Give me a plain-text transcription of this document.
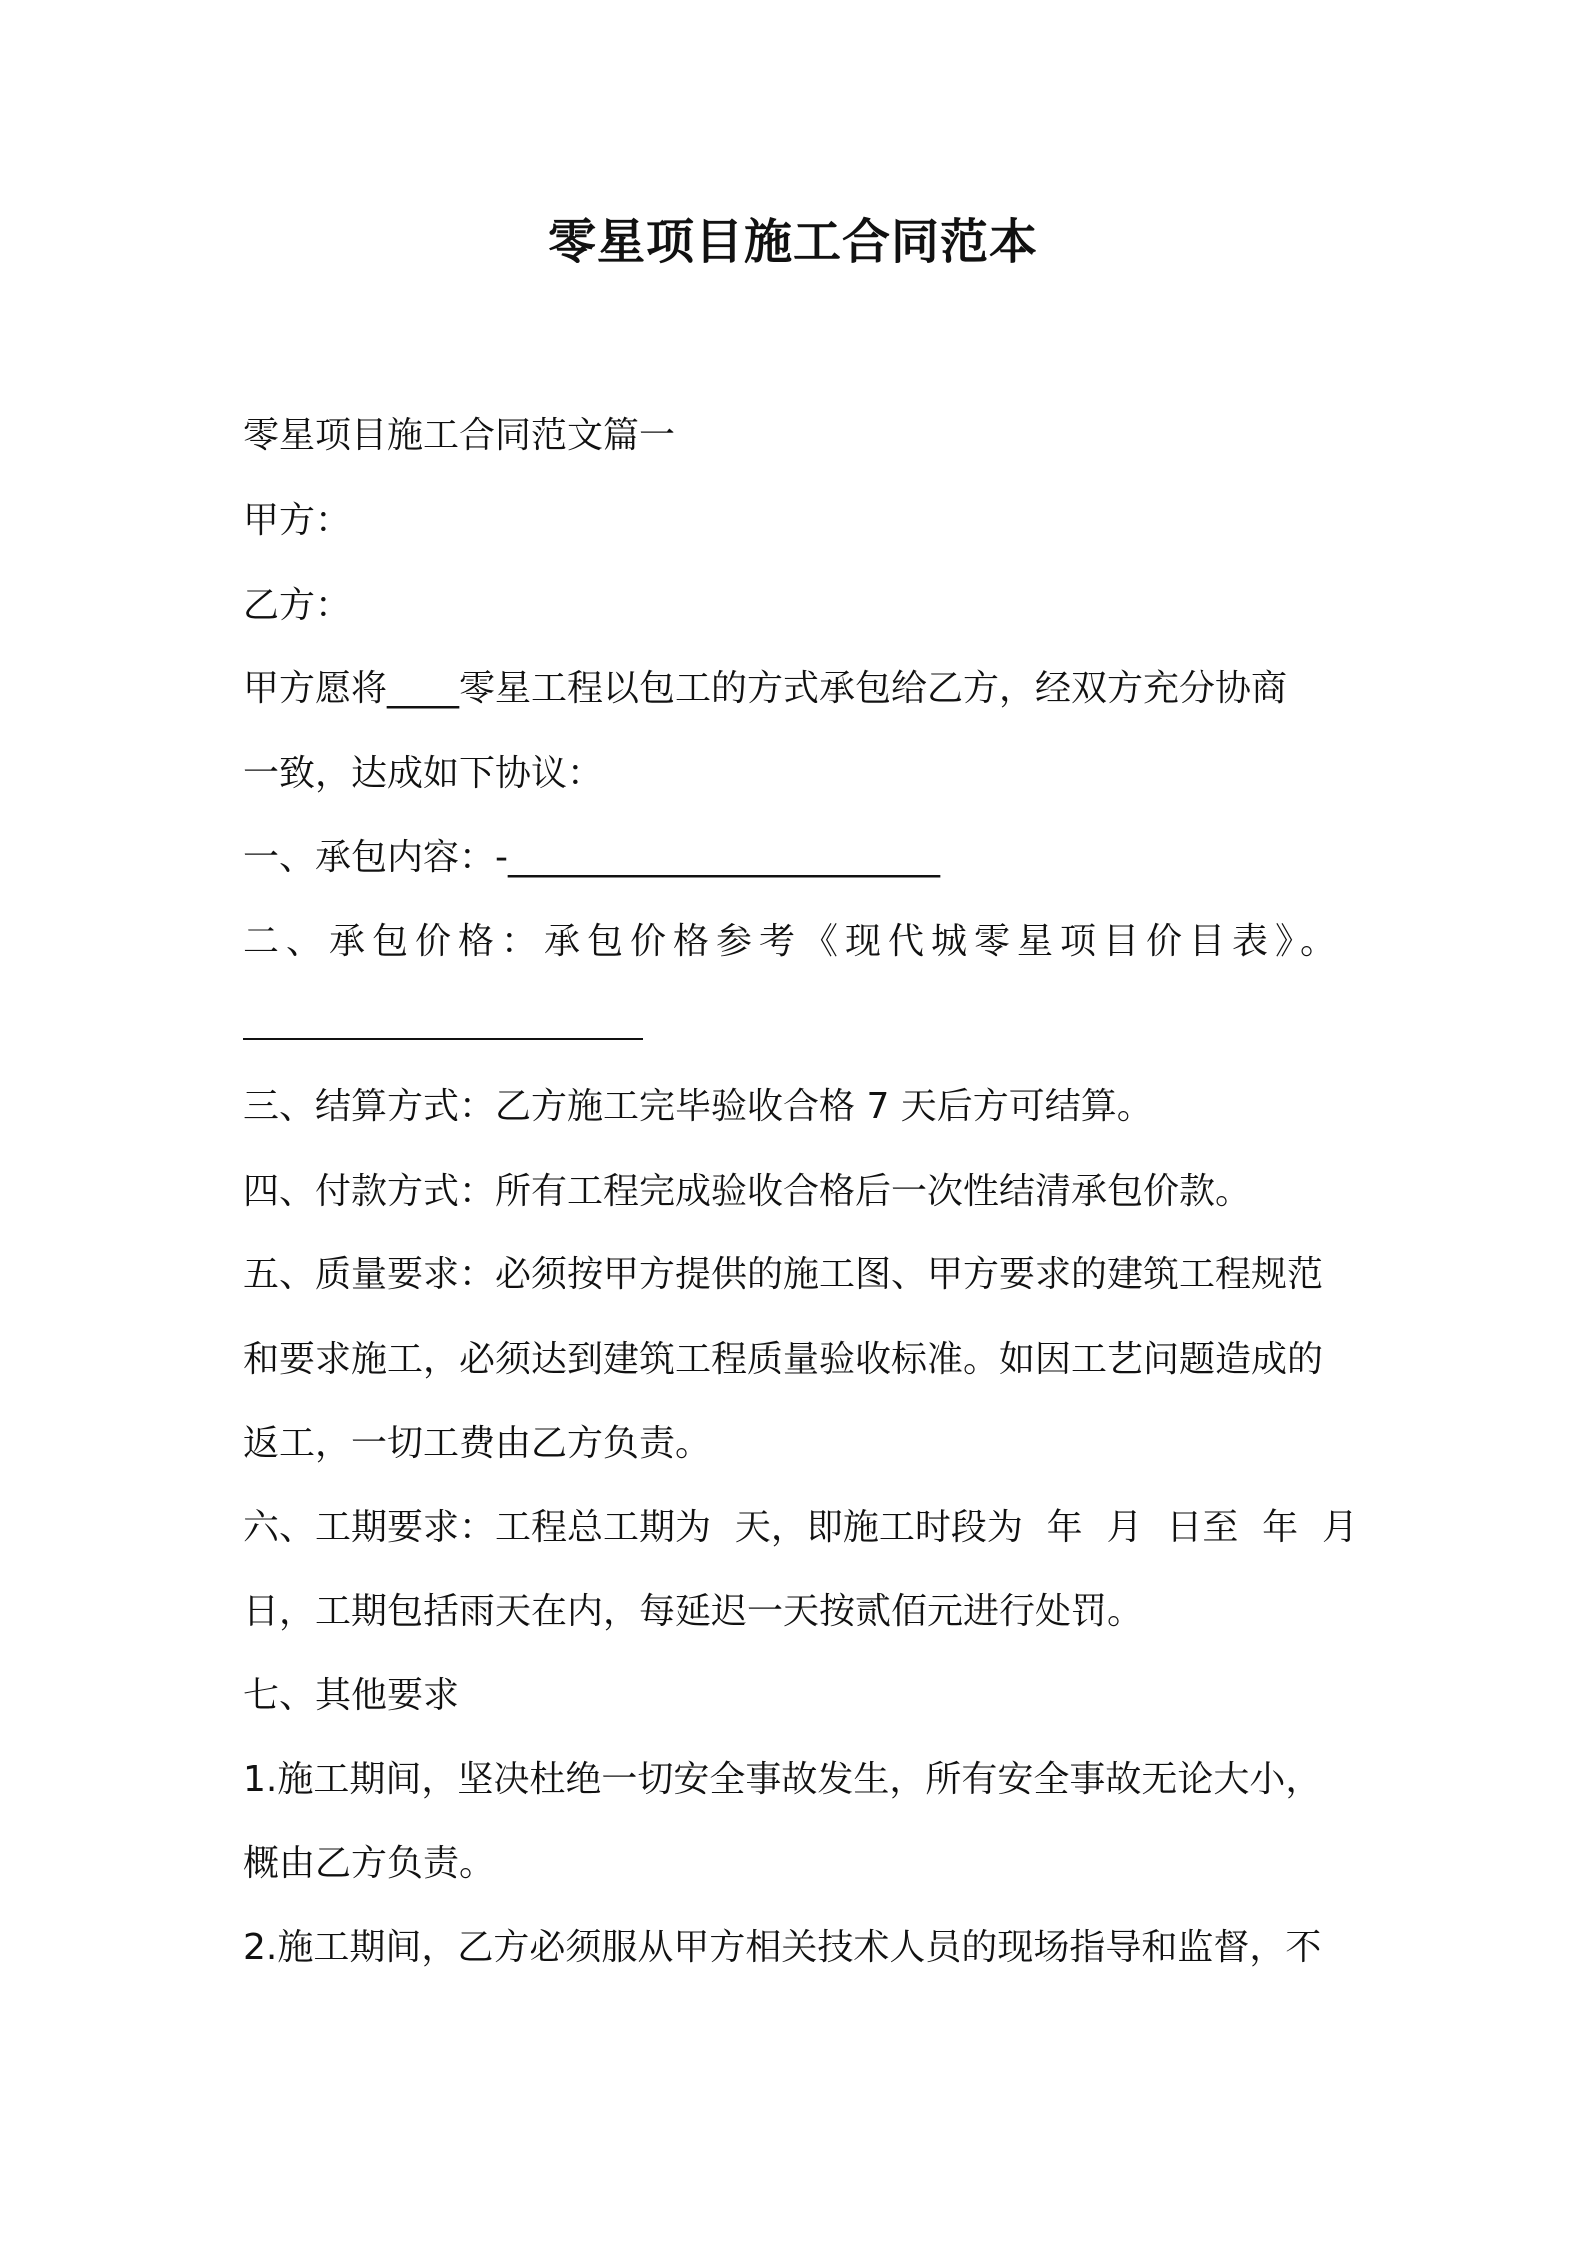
零星项目施工合同范本
零星项目施工合同范文篇一
甲方：
乙方：
甲方愿将____零星工程以包工的方式承包给乙方，经双方充分协商
一致，达成如下协议：
一、承包内容：-________________________
二、承包价格：承包价格参考《现代城零星项目价目表》。
三、结算方式：乙方施工完毕验收合格 7 天后方可结算。
四、付款方式：所有工程完成验收合格后一次性结清承包价款。
五、质量要求：必须按甲方提供的施工图、甲方要求的建筑工程规范
和要求施工，必须达到建筑工程质量验收标准。如因工艺问题造成的
返工，一切工费由乙方负责。
六、工期要求：工程总工期为 天，即施工时段为 年 月 日至 年 月
日，工期包括雨天在内，每延迟一天按贰佰元进行处罚。
七、其他要求
1.施工期间，坚决杜绝一切安全事故发生，所有安全事故无论大小，
概由乙方负责。
2.施工期间，乙方必须服从甲方相关技术人员的现场指导和监督，不
